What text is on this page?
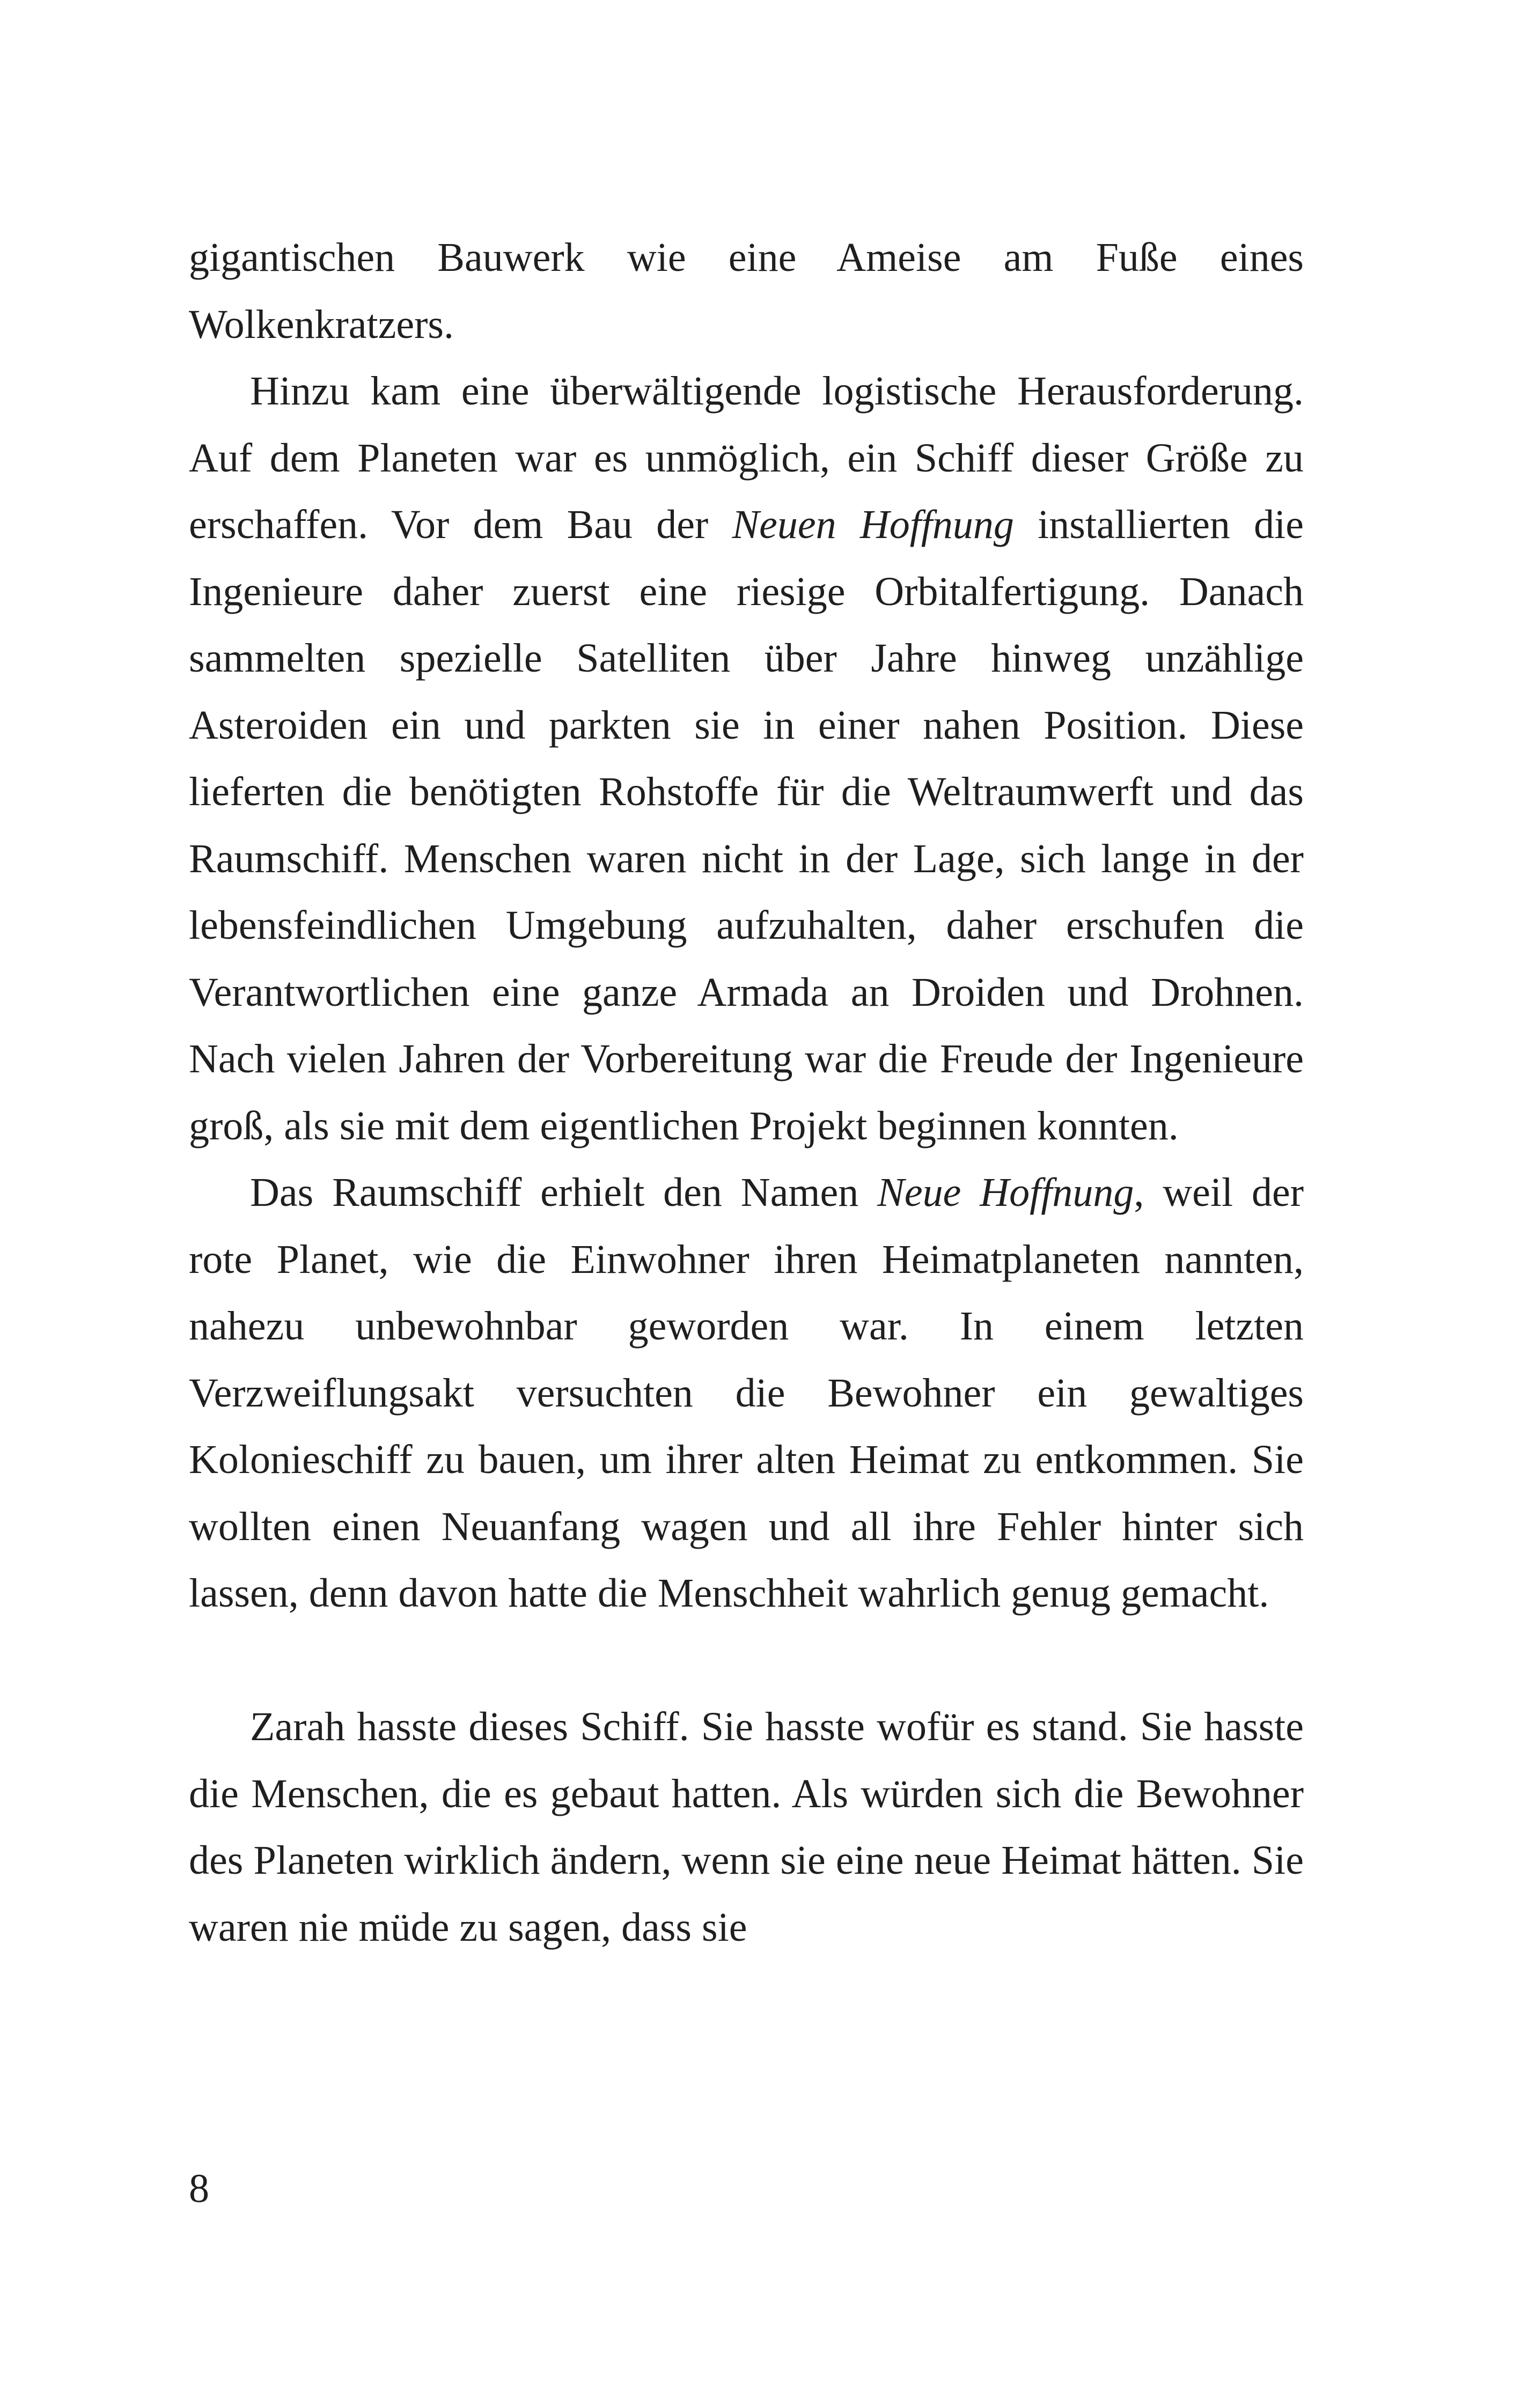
gigantischen Bauwerk wie eine Ameise am Fuße eines Wolkenkratzers.

Hinzu kam eine überwältigende logistische Herausforderung. Auf dem Planeten war es unmöglich, ein Schiff dieser Größe zu erschaffen. Vor dem Bau der Neuen Hoffnung installierten die Ingenieure daher zuerst eine riesige Orbitalfertigung. Danach sammelten spezielle Satelliten über Jahre hinweg unzählige Asteroiden ein und parkten sie in einer nahen Position. Diese lieferten die benötigten Rohstoffe für die Weltraumwerft und das Raumschiff. Menschen waren nicht in der Lage, sich lange in der lebensfeindlichen Umgebung aufzuhalten, daher erschufen die Verantwortlichen eine ganze Armada an Droiden und Drohnen. Nach vielen Jahren der Vorbereitung war die Freude der Ingenieure groß, als sie mit dem eigentlichen Projekt beginnen konnten.

Das Raumschiff erhielt den Namen Neue Hoffnung, weil der rote Planet, wie die Einwohner ihren Heimatplaneten nannten, nahezu unbewohnbar geworden war. In einem letzten Verzweiflungsakt versuchten die Bewohner ein gewaltiges Kolonieschiff zu bauen, um ihrer alten Heimat zu entkommen. Sie wollten einen Neuanfang wagen und all ihre Fehler hinter sich lassen, denn davon hatte die Menschheit wahrlich genug gemacht.

Zarah hasste dieses Schiff. Sie hasste wofür es stand. Sie hasste die Menschen, die es gebaut hatten. Als würden sich die Bewohner des Planeten wirklich ändern, wenn sie eine neue Heimat hätten. Sie waren nie müde zu sagen, dass sie

8
